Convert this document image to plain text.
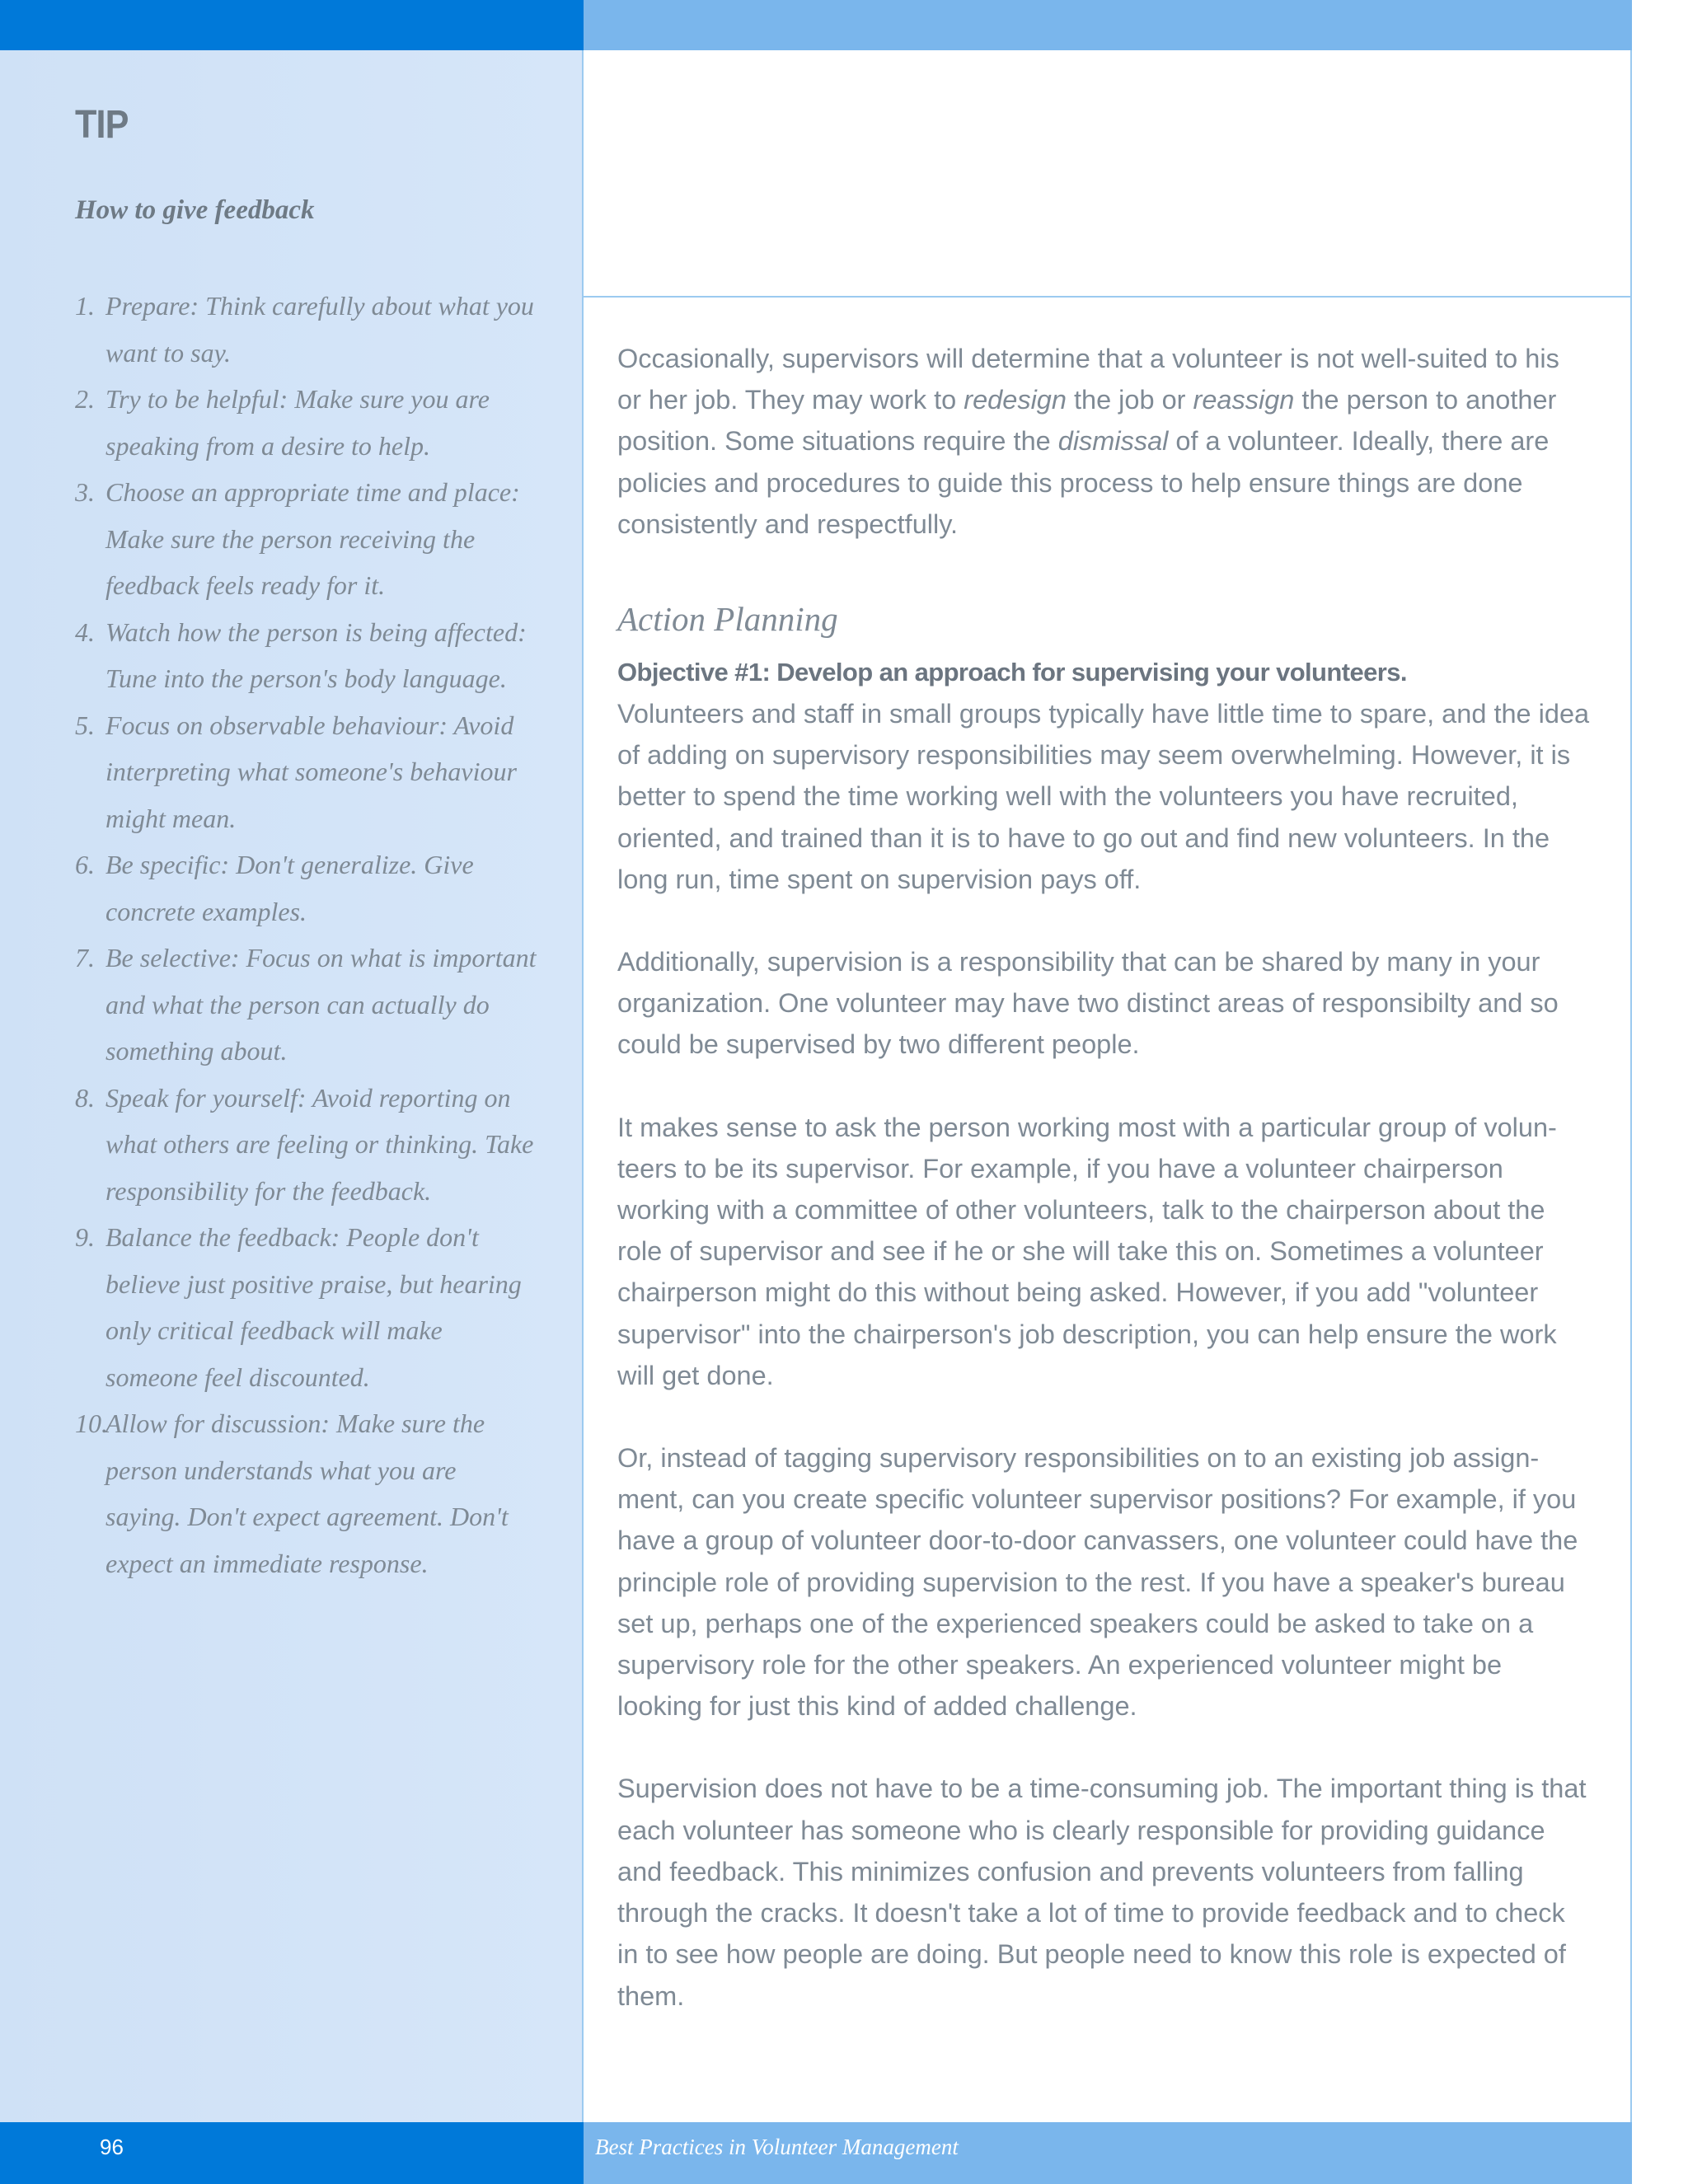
TIP
How to give feedback
1. Prepare: Think carefully about what you want to say.
2. Try to be helpful: Make sure you are speaking from a desire to help.
3. Choose an appropriate time and place: Make sure the person receiving the feedback feels ready for it.
4. Watch how the person is being affected: Tune into the person's body language.
5. Focus on observable behaviour: Avoid interpreting what someone's behaviour might mean.
6. Be specific: Don't generalize. Give concrete examples.
7. Be selective: Focus on what is important and what the person can actually do something about.
8. Speak for yourself: Avoid reporting on what others are feeling or thinking. Take responsibility for the feedback.
9. Balance the feedback: People don't believe just positive praise, but hearing only critical feedback will make someone feel discounted.
10.
Allow for discussion: Make sure the person understands what you are saying. Don't expect agreement. Don't expect an immediate response.

Occasionally, supervisors will determine that a volunteer is not well-suited to his or her job. They may work to redesign the job or reassign the person to another position. Some situations require the dismissal of a volunteer. Ideally, there are policies and procedures to guide this process to help ensure things are done consistently and respectfully.

Action Planning

Objective #1: Develop an approach for supervising your volunteers.

Volunteers and staff in small groups typically have little time to spare, and the idea of adding on supervisory responsibilities may seem overwhelming. However, it is better to spend the time working well with the volunteers you have recruited, oriented, and trained than it is to have to go out and find new volunteers. In the long run, time spent on supervision pays off.

Additionally, supervision is a responsibility that can be shared by many in your organization. One volunteer may have two distinct areas of responsibilty and so could be supervised by two different people.

It makes sense to ask the person working most with a particular group of volun- teers to be its supervisor. For example, if you have a volunteer chairperson working with a committee of other volunteers, talk to the chairperson about the role of supervisor and see if he or she will take this on. Sometimes a volunteer chairperson might do this without being asked. However, if you add "volunteer supervisor" into the chairperson's job description, you can help ensure the work will get done.

Or, instead of tagging supervisory responsibilities on to an existing job assign- ment, can you create specific volunteer supervisor positions? For example, if you have a group of volunteer door-to-door canvassers, one volunteer could have the principle role of providing supervision to the rest. If you have a speaker's bureau set up, perhaps one of the experienced speakers could be asked to take on a supervisory role for the other speakers. An experienced volunteer might be looking for just this kind of added challenge.

Supervision does not have to be a time-consuming job. The important thing is that each volunteer has someone who is clearly responsible for providing guidance and feedback. This minimizes confusion and prevents volunteers from falling through the cracks. It doesn't take a lot of time to provide feedback and to check in to see how people are doing. But people need to know this role is expected of them.

96	Best Practices in Volunteer Management
